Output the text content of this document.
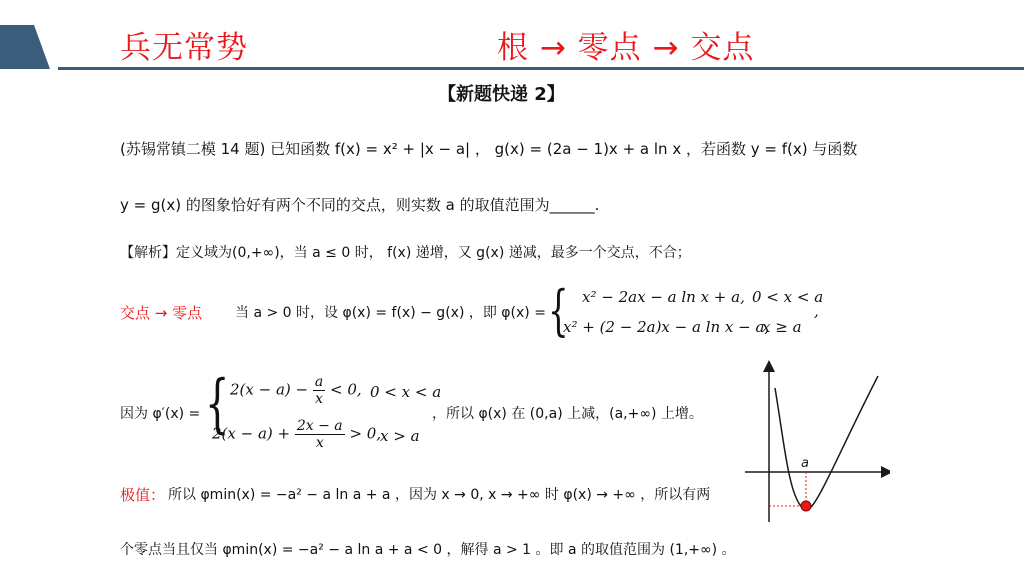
兵无常势	根 → 零点 → 交点
【新题快递 2】
(苏锡常镇二模 14 题) 已知函数 f(x) = x² + |x − a| ， g(x) = (2a − 1)x + a ln x ，若函数 y = f(x) 与函数
y = g(x) 的图象恰好有两个不同的交点，则实数 a 的取值范围为______.
【解析】定义域为(0,+∞)，当 a ≤ 0 时， f(x) 递增，又 g(x) 递减，最多一个交点，不合；
交点 → 零点 当 a > 0 时，设 φ(x) = f(x) − g(x) ，即 φ(x) = { x² − 2ax − a ln x + a, 0 < x < a
x² + (2 − 2a)x − a ln x − a,
x ≥ a
,
因为 φ′(x) = { $2(x - a) - \frac{a}{x} < 0$, 0 < x < a
$2(x - a) + \frac{2x - a}{x} > 0$,
x > a
，所以 φ(x) 在 (0,a) 上减，(a,+∞) 上增。
极值： 所以 φmin(x) = −a² − a ln a + a ，因为 x → 0, x → +∞ 时 φ(x) → +∞ ，所以有两
个零点当且仅当 φmin(x) = −a² − a ln a + a < 0 ，解得 a > 1 。即 a 的取值范围为 (1,+∞) 。
a
